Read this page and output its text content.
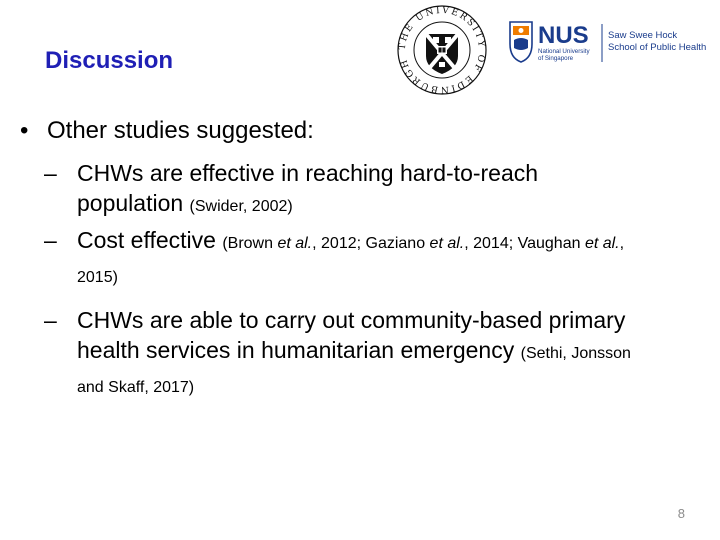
Discussion
THE UNIVERSITY OF EDINBURGH
NUS
National University
of Singapore
Saw Swee Hock
School of Public Health
• Other studies suggested:
– CHWs are effective in reaching hard-to-reach
population (Swider, 2002)
– Cost effective (Brown et al., 2012; Gaziano et al., 2014; Vaughan et al.,
2015)
– CHWs are able to carry out community-based primary
health services in humanitarian emergency (Sethi, Jonsson
and Skaff, 2017)
8
